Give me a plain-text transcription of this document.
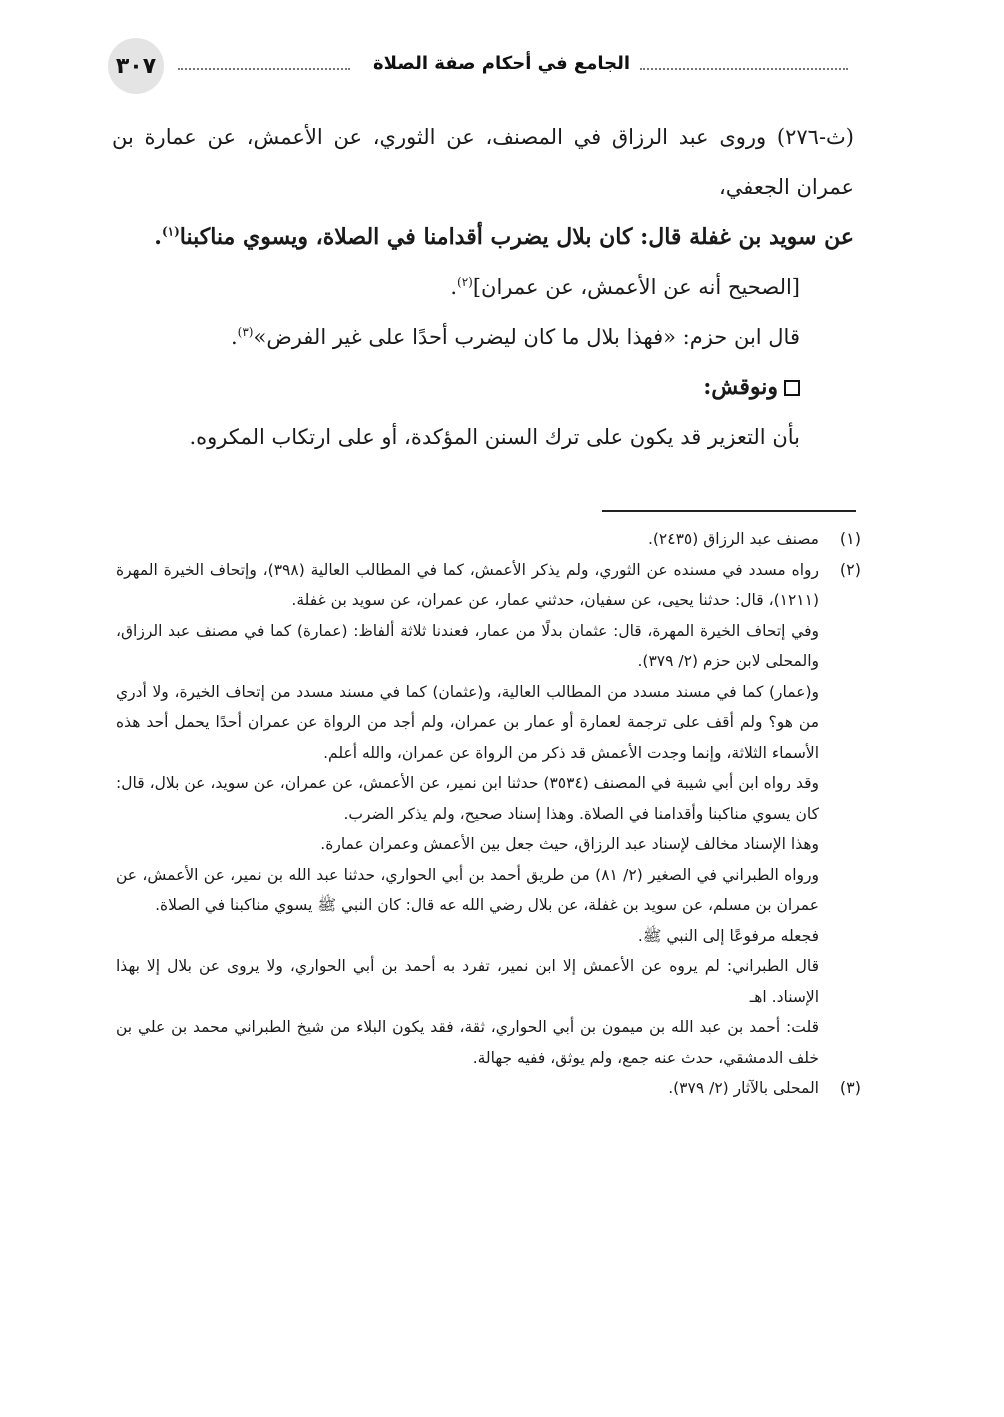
٣٠٧	الجامع في أحكام صفة الصلاة

(ث-٢٧٦) وروى عبد الرزاق في المصنف، عن الثوري، عن الأعمش، عن عمارة بن عمران الجعفي،

عن سويد بن غفلة قال: كان بلال يضرب أقدامنا في الصلاة، ويسوي مناكبنا$^{(١)}$.

[الصحيح أنه عن الأعمش، عن عمران]$^{(٢)}$.

قال ابن حزم: «فهذا بلال ما كان ليضرب أحدًا على غير الفرض»$^{(٣)}$.

ونوقش:

بأن التعزير قد يكون على ترك السنن المؤكدة، أو على ارتكاب المكروه.

(١)

مصنف عبد الرزاق (٢٤٣٥).

(٢)

رواه مسدد في مسنده عن الثوري، ولم يذكر الأعمش، كما في المطالب العالية (٣٩٨)، وإتحاف الخيرة المهرة (١٢١١)، قال: حدثنا يحيى، عن سفيان، حدثني عمار، عن عمران، عن سويد بن غفلة.

وفي إتحاف الخيرة المهرة، قال: عثمان بدلًا من عمار، فعندنا ثلاثة ألفاظ: (عمارة) كما في مصنف عبد الرزاق، والمحلى لابن حزم (٢/ ٣٧٩).

و(عمار) كما في مسند مسدد من المطالب العالية، و(عثمان) كما في مسند مسدد من إتحاف الخيرة، ولا أدري من هو؟ ولم أقف على ترجمة لعمارة أو عمار بن عمران، ولم أجد من الرواة عن عمران أحدًا يحمل أحد هذه الأسماء الثلاثة، وإنما وجدت الأعمش قد ذكر من الرواة عن عمران، والله أعلم.

وقد رواه ابن أبي شيبة في المصنف (٣٥٣٤) حدثنا ابن نمير، عن الأعمش، عن عمران، عن سويد، عن بلال، قال: كان يسوي مناكبنا وأقدامنا في الصلاة. وهذا إسناد صحيح، ولم يذكر الضرب.

وهذا الإسناد مخالف لإسناد عبد الرزاق، حيث جعل بين الأعمش وعمران عمارة.

ورواه الطبراني في الصغير (٢/ ٨١) من طريق أحمد بن أبي الحواري، حدثنا عبد الله بن نمير، عن الأعمش، عن عمران بن مسلم، عن سويد بن غفلة، عن بلال رضي الله عه قال: كان النبي ﷺ يسوي مناكبنا في الصلاة.

فجعله مرفوعًا إلى النبي ﷺ.

قال الطبراني: لم يروه عن الأعمش إلا ابن نمير، تفرد به أحمد بن أبي الحواري، ولا يروى عن بلال إلا بهذا الإسناد. اهـ

قلت: أحمد بن عبد الله بن ميمون بن أبي الحواري، ثقة، فقد يكون البلاء من شيخ الطبراني محمد بن علي بن خلف الدمشقي، حدث عنه جمع، ولم يوثق، ففيه جهالة.

(٣)

المحلى بالآثار (٢/ ٣٧٩).
